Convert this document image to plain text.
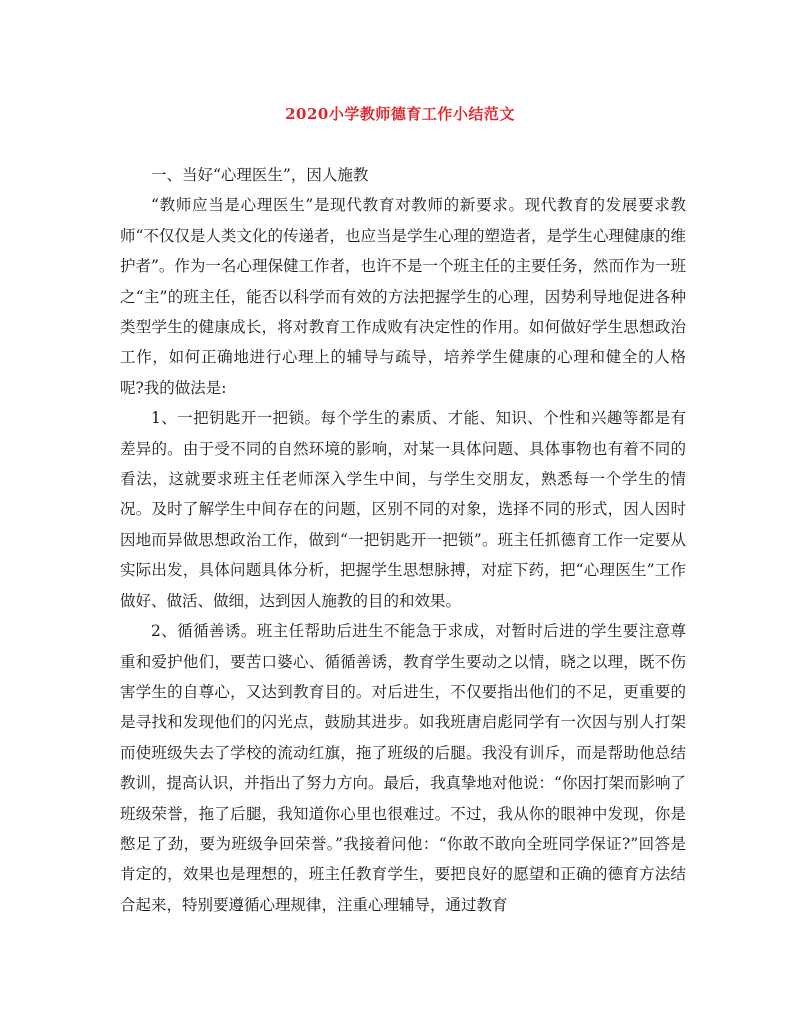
2020小学教师德育工作小结范文

一、当好“心理医生”，因人施教

“教师应当是心理医生”是现代教育对教师的新要求。现代教育的发展要求教师“不仅仅是人类文化的传递者，也应当是学生心理的塑造者，是学生心理健康的维护者”。作为一名心理保健工作者，也许不是一个班主任的主要任务，然而作为一班之“主”的班主任，能否以科学而有效的方法把握学生的心理，因势利导地促进各种类型学生的健康成长，将对教育工作成败有决定性的作用。如何做好学生思想政治工作，如何正确地进行心理上的辅导与疏导，培养学生健康的心理和健全的人格呢?我的做法是:

1、一把钥匙开一把锁。每个学生的素质、才能、知识、个性和兴趣等都是有差异的。由于受不同的自然环境的影响，对某一具体问题、具体事物也有着不同的看法，这就要求班主任老师深入学生中间，与学生交朋友，熟悉每一个学生的情况。及时了解学生中间存在的问题，区别不同的对象，选择不同的形式，因人因时因地而异做思想政治工作，做到“一把钥匙开一把锁”。班主任抓德育工作一定要从实际出发，具体问题具体分析，把握学生思想脉搏，对症下药，把“心理医生”工作做好、做活、做细，达到因人施教的目的和效果。

2、循循善诱。班主任帮助后进生不能急于求成，对暂时后进的学生要注意尊重和爱护他们，要苦口婆心、循循善诱，教育学生要动之以情，晓之以理，既不伤害学生的自尊心，又达到教育目的。对后进生，不仅要指出他们的不足，更重要的是寻找和发现他们的闪光点，鼓励其进步。如我班唐启彪同学有一次因与别人打架而使班级失去了学校的流动红旗，拖了班级的后腿。我没有训斥，而是帮助他总结教训，提高认识，并指出了努力方向。最后，我真挚地对他说：“你因打架而影响了班级荣誉，拖了后腿，我知道你心里也很难过。不过，我从你的眼神中发现，你是憋足了劲，要为班级争回荣誉。”我接着问他：“你敢不敢向全班同学保证?”回答是肯定的，效果也是理想的，班主任教育学生，要把良好的愿望和正确的德育方法结合起来，特别要遵循心理规律，注重心理辅导，通过教育
